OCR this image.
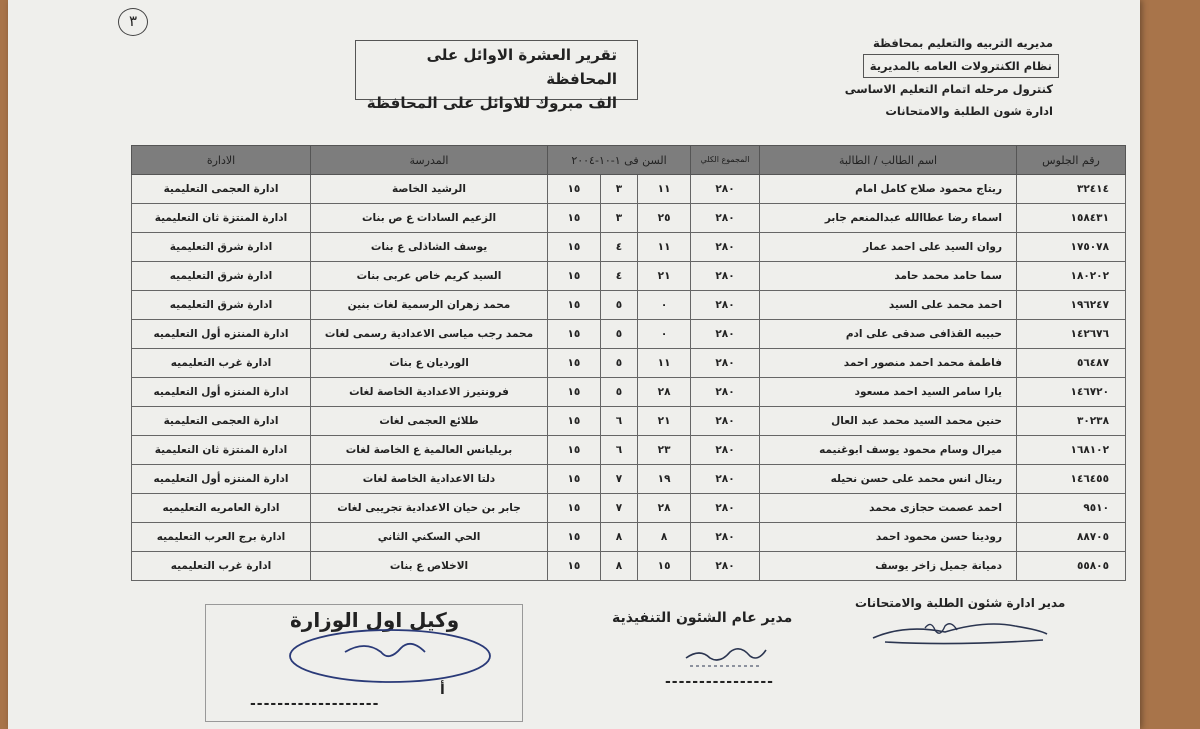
٣
تقرير العشرة الاوائل على المحافظة
الف مبروك للاوائل على المحافظة
مديريه التربيه والتعليم بمحافظة
نظام الكنترولات العامه بالمديرية
كنترول مرحله اتمام التعليم الاساسى
ادارة شون الطلبة والامتحانات
رقم الجلوس	اسم الطالب / الطالبة	المجموع الكلي	السن فى ١-١٠-٢٠٠٤			المدرسة	الادارة
٣٢٤١٤	ريتاج محمود صلاح كامل امام	٢٨٠	١١	٣	١٥	الرشيد الخاصة	ادارة العجمى التعليمية
١٥٨٤٣١	اسماء رضا عطاالله عبدالمنعم جابر	٢٨٠	٢٥	٣	١٥	الزعيم السادات ع ص بنات	ادارة المنتزة ثان التعليمية
١٧٥٠٧٨	روان السيد على احمد عمار	٢٨٠	١١	٤	١٥	يوسف الشاذلى ع بنات	ادارة شرق التعليمية
١٨٠٢٠٢	سما حامد محمد حامد	٢٨٠	٢١	٤	١٥	السيد كريم خاص عربى بنات	ادارة شرق التعليميه
١٩٦٢٤٧	احمد محمد على السيد	٢٨٠	٠	٥	١٥	محمد زهران الرسمية لغات بنين	ادارة شرق التعليميه
١٤٢٦٧٦	حبيبه القذافى صدقى على ادم	٢٨٠	٠	٥	١٥	محمد رجب مياسى الاعدادية رسمى لغات	ادارة المنتزه أول التعليميه
٥٦٤٨٧	فاطمة محمد احمد منصور احمد	٢٨٠	١١	٥	١٥	الورديان ع بنات	ادارة غرب التعليميه
١٤٦٧٢٠	يارا سامر السيد احمد مسعود	٢٨٠	٢٨	٥	١٥	فرونتيرز الاعدادية الخاصة لغات	ادارة المنتزه أول التعليميه
٣٠٢٣٨	حنين محمد السيد محمد عبد العال	٢٨٠	٢١	٦	١٥	طلائع العجمى لغات	ادارة العجمى التعليمية
١٦٨١٠٢	ميرال وسام محمود يوسف ابوغنيمه	٢٨٠	٢٣	٦	١٥	بريليانس العالمية ع الخاصة لغات	ادارة المنتزة ثان التعليمية
١٤٦٤٥٥	ريتال انس محمد على حسن نحيله	٢٨٠	١٩	٧	١٥	دلتا الاعدادية الخاصة لغات	ادارة المنتزه أول التعليميه
٩٥١٠	احمد عصمت حجازى محمد	٢٨٠	٢٨	٧	١٥	جابر بن حيان الاعدادية تجريبى لغات	ادارة العامريه التعليميه
٨٨٧٠٥	رودينا حسن محمود احمد	٢٨٠	٨	٨	١٥	الحي السكني الثاني	ادارة برج العرب التعليميه
٥٥٨٠٥	دميانة جميل زاخر يوسف	٢٨٠	١٥	٨	١٥	الاخلاص ع بنات	ادارة غرب التعليميه
مدير ادارة شئون الطلبة والامتحانات
مدير عام الشئون التنفيذية
----------------
وكيل اول الوزارة
أ
-------------------
